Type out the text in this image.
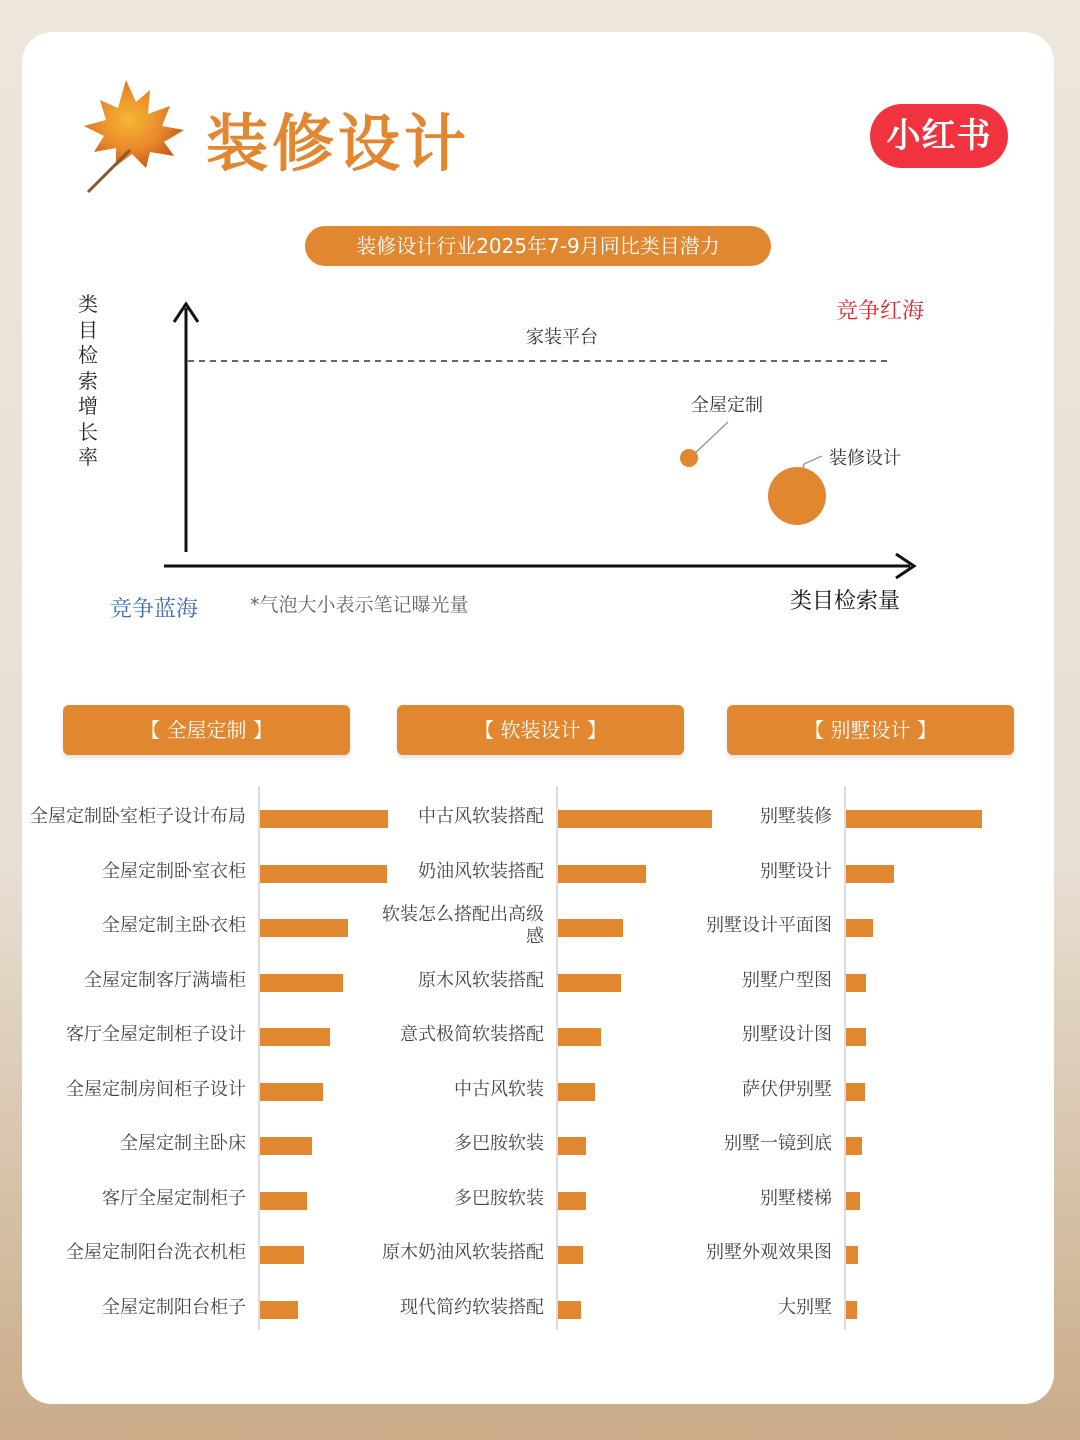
装修设计	小红书
装修设计行业2025年7-9月同比类目潜力
类目检索增长率
竞争红海
家装平台
全屋定制
装修设计
竞争蓝海	*气泡大小表示笔记曝光量	类目检索量
【 全屋定制 】	【 软装设计 】	【 别墅设计 】
全屋定制卧室柜子设计布局
全屋定制卧室衣柜
全屋定制主卧衣柜
全屋定制客厅满墙柜
客厅全屋定制柜子设计
全屋定制房间柜子设计
全屋定制主卧床
客厅全屋定制柜子
全屋定制阳台洗衣机柜
全屋定制阳台柜子
中古风软装搭配
奶油风软装搭配
软装怎么搭配出高级感
原木风软装搭配
意式极简软装搭配
中古风软装
多巴胺软装
多巴胺软装
原木奶油风软装搭配
现代简约软装搭配
别墅装修
别墅设计
别墅设计平面图
别墅户型图
别墅设计图
萨伏伊别墅
别墅一镜到底
别墅楼梯
别墅外观效果图
大别墅
